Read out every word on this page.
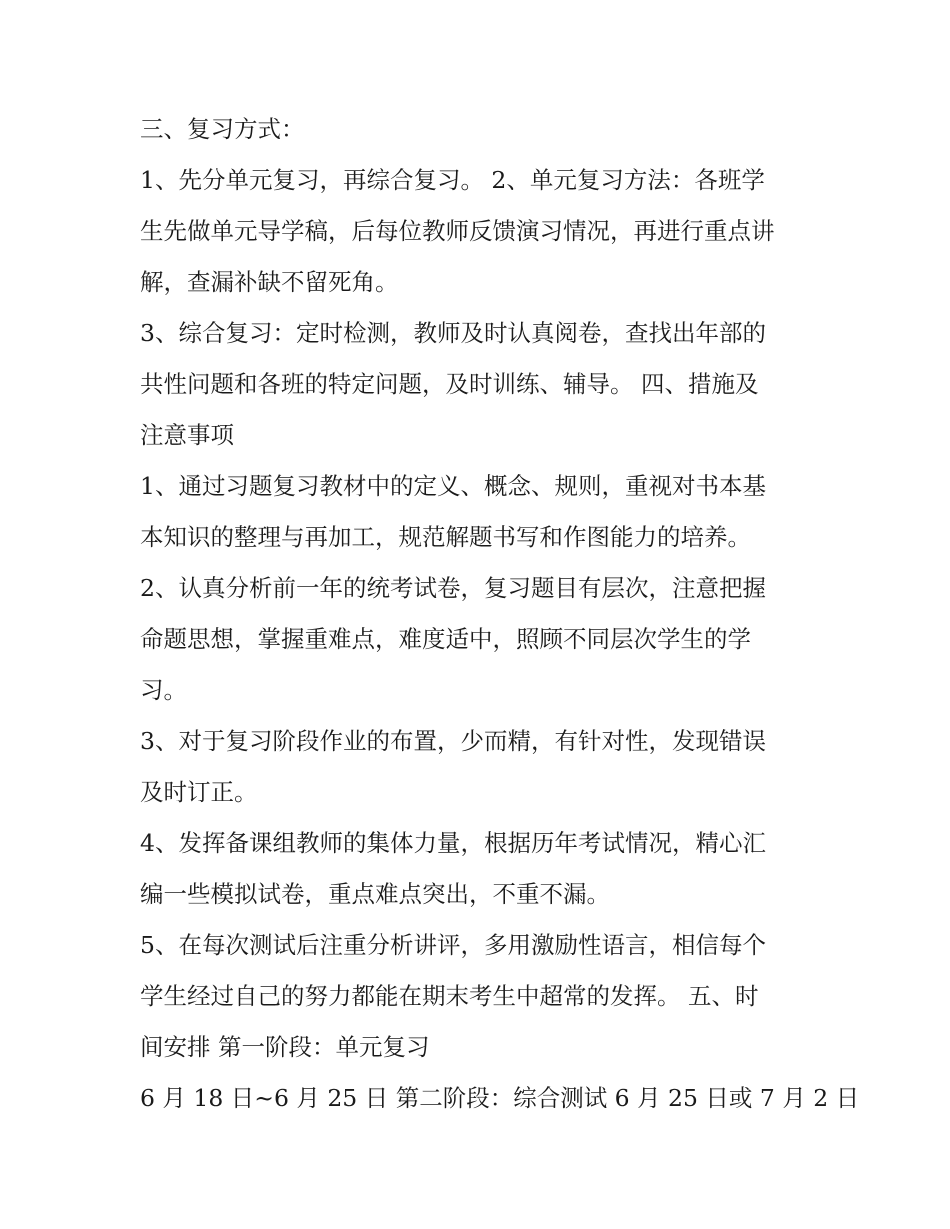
三、复习方式：
1、先分单元复习，再综合复习。 2、单元复习方法：各班学
生先做单元导学稿，后每位教师反馈演习情况，再进行重点讲
解，查漏补缺不留死角。
3、综合复习：定时检测，教师及时认真阅卷，查找出年部的
共性问题和各班的特定问题，及时训练、辅导。 四、措施及
注意事项
1、通过习题复习教材中的定义、概念、规则，重视对书本基
本知识的整理与再加工，规范解题书写和作图能力的培养。
2、认真分析前一年的统考试卷，复习题目有层次，注意把握
命题思想，掌握重难点，难度适中，照顾不同层次学生的学
习。
3、对于复习阶段作业的布置，少而精，有针对性，发现错误
及时订正。
4、发挥备课组教师的集体力量，根据历年考试情况，精心汇
编一些模拟试卷，重点难点突出，不重不漏。
5、在每次测试后注重分析讲评，多用激励性语言，相信每个
学生经过自己的努力都能在期末考生中超常的发挥。 五、时
间安排 第一阶段：单元复习
6 月 18 日~6 月 25 日 第二阶段：综合测试 6 月 25 日或 7 月 2 日
